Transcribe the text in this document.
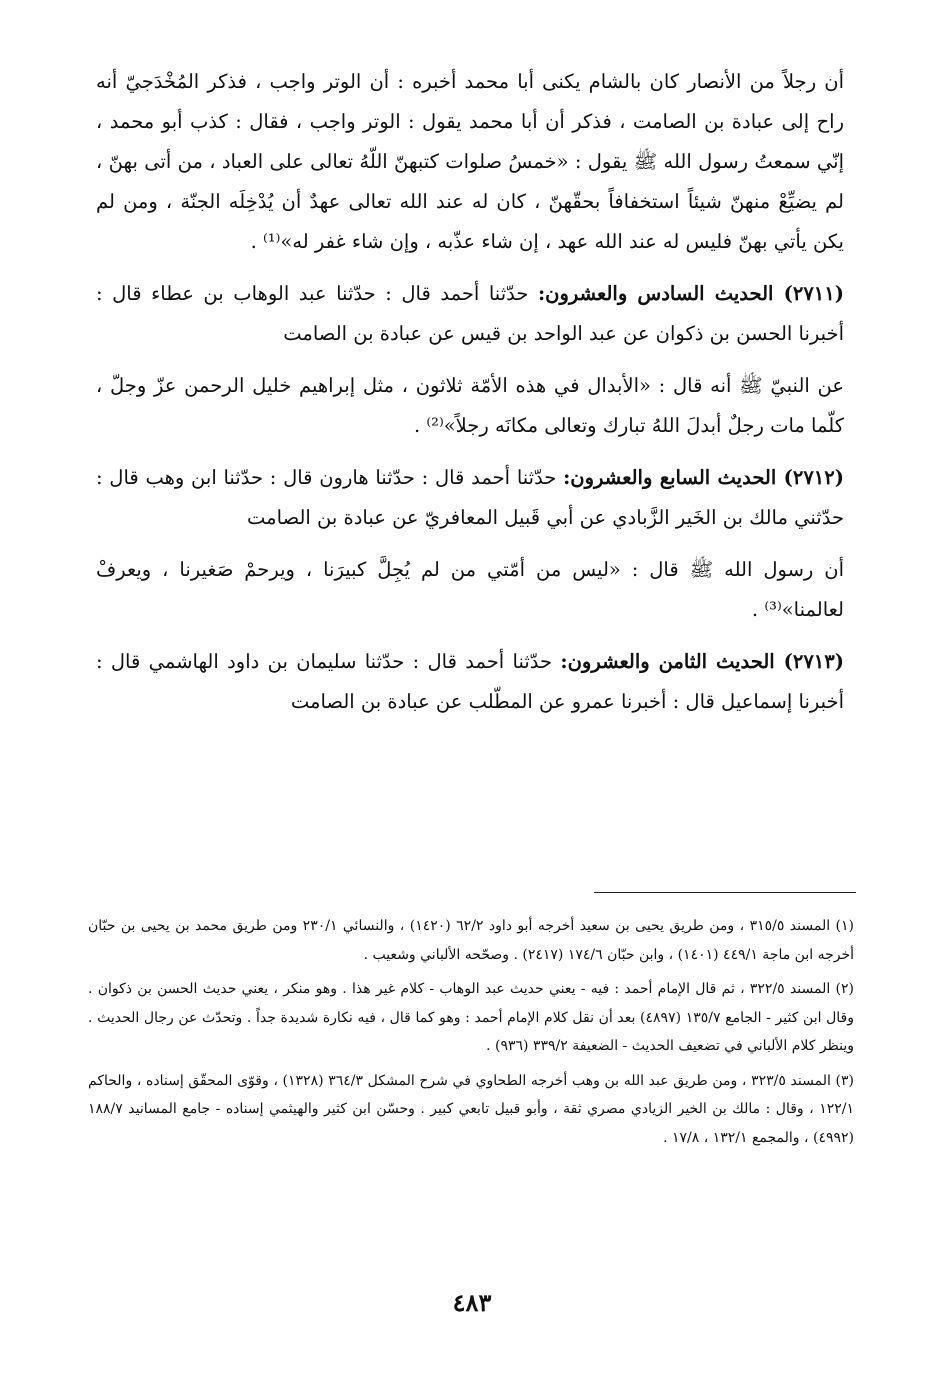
أن رجلاً من الأنصار كان بالشام يكنى أبا محمد أخبره : أن الوتر واجب ، فذكر المُخْدَجيّ أنه راح إلى عبادة بن الصامت ، فذكر أن أبا محمد يقول : الوتر واجب ، فقال : كذب أبو محمد ، إنّي سمعتُ رسول الله ﷺ يقول : «خمسُ صلوات كتبهنّ اللّهُ تعالى على العباد ، من أتى بهنّ ، لم يضيِّعْ منهنّ شيئاً استخفافاً بحقّهنّ ، كان له عند الله تعالى عهدٌ أن يُدْخِلَه الجنّة ، ومن لم يكن يأتي بهنّ فليس له عند الله عهد ، إن شاء عذّبه ، وإن شاء غفر له»⁽¹⁾ .

(٢٧١١) الحديث السادس والعشرون: حدّثنا أحمد قال : حدّثنا عبد الوهاب بن عطاء قال : أخبرنا الحسن بن ذكوان عن عبد الواحد بن قيس عن عبادة بن الصامت

عن النبيّ ﷺ أنه قال : «الأبدال في هذه الأمّة ثلاثون ، مثل إبراهيم خليل الرحمن عزّ وجلّ ، كلّما مات رجلٌ أبدلَ اللهُ تبارك وتعالى مكانَه رجلاً»⁽²⁾ .

(٢٧١٢) الحديث السابع والعشرون: حدّثنا أحمد قال : حدّثنا هارون قال : حدّثنا ابن وهب قال : حدّثني مالك بن الخَير الزَّبادي عن أبي قَبيل المعافريّ عن عبادة بن الصامت

أن رسول الله ﷺ قال : «ليس من أمّتي من لم يُجِلَّ كبيرَنا ، ويرحمْ صَغيرنا ، ويعرفْ لعالمنا»⁽³⁾ .

(٢٧١٣) الحديث الثامن والعشرون: حدّثنا أحمد قال : حدّثنا سليمان بن داود الهاشمي قال : أخبرنا إسماعيل قال : أخبرنا عمرو عن المطّلب عن عبادة بن الصامت

(١) المسند ٣١٥/٥ ، ومن طريق يحيى بن سعيد أخرجه أبو داود ٦٢/٢ (١٤٢٠) ، والنسائي ٢٣٠/١ ومن طريق محمد بن يحيى بن حبّان أخرجه ابن ماجة ٤٤٩/١ (١٤٠١) ، وابن حبّان ١٧٤/٦ (٢٤١٧) . وصحّحه الألباني وشعيب .

(٢) المسند ٣٢٢/٥ ، ثم قال الإمام أحمد : فيه - يعني حديث عبد الوهاب - كلام غير هذا . وهو منكر ، يعني حديث الحسن بن ذكوان . وقال ابن كثير - الجامع ١٣٥/٧ (٤٨٩٧) بعد أن نقل كلام الإمام أحمد : وهو كما قال ، فيه نكارة شديدة جداً . وتحدّث عن رجال الحديث . وينظر كلام الألباني في تضعيف الحديث - الضعيفة ٣٣٩/٢ (٩٣٦) .

(٣) المسند ٣٢٣/٥ ، ومن طريق عبد الله بن وهب أخرجه الطحاوي في شرح المشكل ٣٦٤/٣ (١٣٢٨) ، وقوّى المحقّق إسناده ، والحاكم ١٢٢/١ ، وقال : مالك بن الخير الزيادي مصري ثقة ، وأبو قبيل تابعي كبير . وحسّن ابن كثير والهيثمي إسناده - جامع المسانيد ١٨٨/٧ (٤٩٩٢) ، والمجمع ١٣٢/١ ، ١٧/٨ .

٤٨٣
